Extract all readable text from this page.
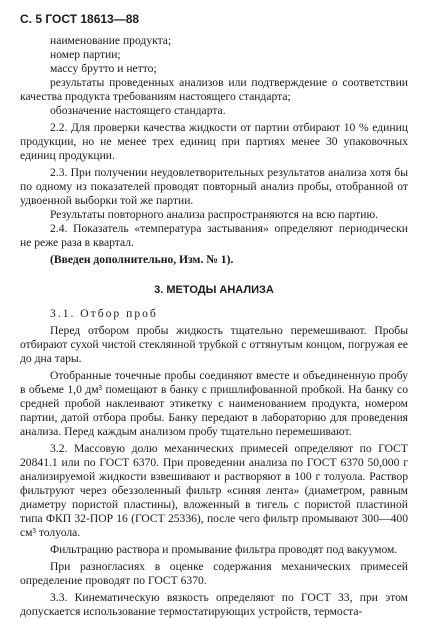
С. 5 ГОСТ 18613—88

наименование продукта;

номер партии;

массу брутто и нетто;

результаты проведенных анализов или подтверждение о соответствии качества продукта требованиям настоящего стандарта;

обозначение настоящего стандарта.

2.2. Для проверки качества жидкости от партии отбирают 10 % единиц продукции, но не менее трех единиц при партиях менее 30 упаковочных единиц продукции.

2.3. При получении неудовлетворительных результатов анализа хотя бы по одному из показателей проводят повторный анализ пробы, отобранной от удвоенной выборки той же партии.

Результаты повторного анализа распространяются на всю партию.

2.4. Показатель «температура застывания» определяют периодически не реже раза в квартал.

(Введен дополнительно, Изм. № 1).

3. МЕТОДЫ АНАЛИЗА

3.1. Отбор проб

Перед отбором пробы жидкость тщательно перемешивают. Пробы отбирают сухой чистой стеклянной трубкой с оттянутым концом, погружая ее до дна тары.

Отобранные точечные пробы соединяют вместе и объединенную пробу в объеме 1,0 дм³ помещают в банку с пришлифованной пробкой. На банку со средней пробой наклеивают этикетку с наименованием продукта, номером партии, датой отбора пробы. Банку передают в лабораторию для проведения анализа. Перед каждым анализом пробу тщательно перемешивают.

3.2. Массовую долю механических примесей определяют по ГОСТ 20841.1 или по ГОСТ 6370. При проведении анализа по ГОСТ 6370 50,000 г анализируемой жидкости взвешивают и растворяют в 100 г толуола. Раствор фильтруют через обеззоленный фильтр «синяя лента» (диаметром, равным диаметру пористой пластины), вложенный в тигель с пористой пластиной типа ФКП 32-ПОР 16 (ГОСТ 25336), после чего фильтр промывают 300—400 см³ толуола.

Фильтрацию раствора и промывание фильтра проводят под вакуумом.

При разногласиях в оценке содержания механических примесей определение проводят по ГОСТ 6370.

3.3. Кинематическую вязкость определяют по ГОСТ 33, при этом допускается использование термостатирующих устройств, термоста-
